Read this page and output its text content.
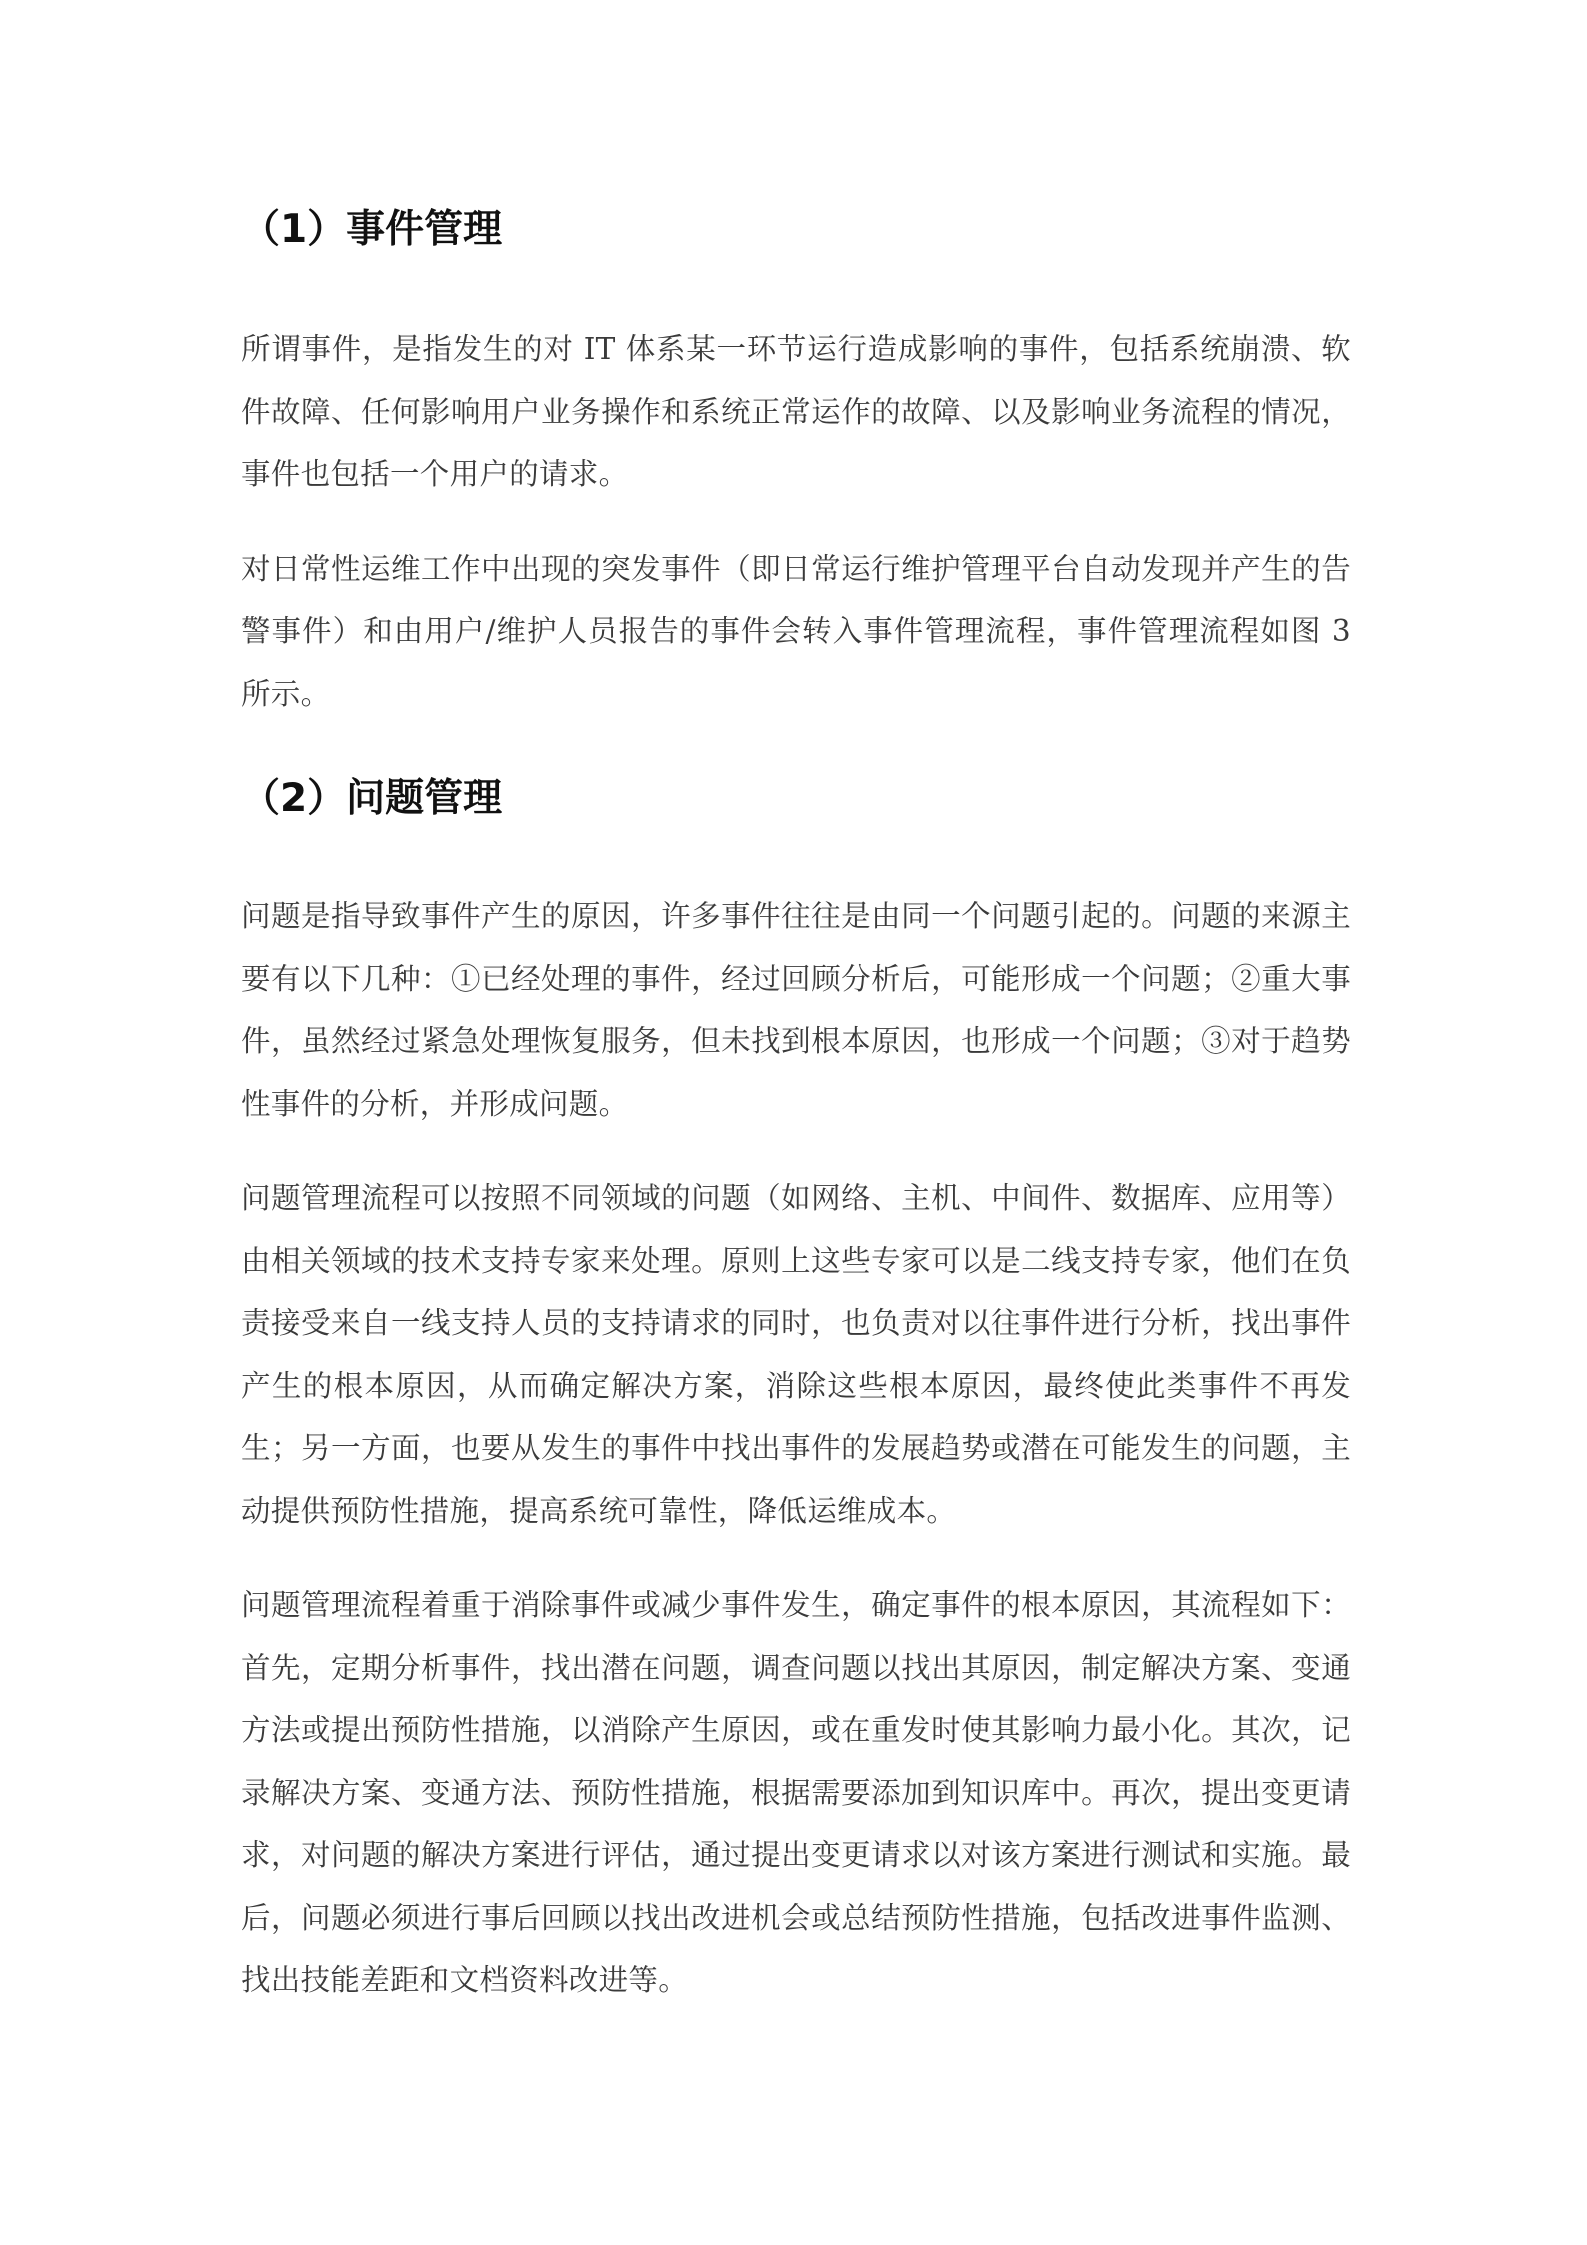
（1）事件管理

所谓事件，是指发生的对 IT 体系某一环节运行造成影响的事件，包括系统崩溃、软件故障、任何影响用户业务操作和系统正常运作的故障、以及影响业务流程的情况，事件也包括一个用户的请求。

对日常性运维工作中出现的突发事件（即日常运行维护管理平台自动发现并产生的告警事件）和由用户/维护人员报告的事件会转入事件管理流程，事件管理流程如图 3 所示。

（2）问题管理

问题是指导致事件产生的原因，许多事件往往是由同一个问题引起的。问题的来源主要有以下几种：①已经处理的事件，经过回顾分析后，可能形成一个问题；②重大事件，虽然经过紧急处理恢复服务，但未找到根本原因，也形成一个问题；③对于趋势性事件的分析，并形成问题。

问题管理流程可以按照不同领域的问题（如网络、主机、中间件、数据库、应用等）由相关领域的技术支持专家来处理。原则上这些专家可以是二线支持专家，他们在负责接受来自一线支持人员的支持请求的同时，也负责对以往事件进行分析，找出事件产生的根本原因，从而确定解决方案，消除这些根本原因，最终使此类事件不再发生；另一方面，也要从发生的事件中找出事件的发展趋势或潜在可能发生的问题，主动提供预防性措施，提高系统可靠性，降低运维成本。

问题管理流程着重于消除事件或减少事件发生，确定事件的根本原因，其流程如下：首先，定期分析事件，找出潜在问题，调查问题以找出其原因，制定解决方案、变通方法或提出预防性措施，以消除产生原因，或在重发时使其影响力最小化。其次，记录解决方案、变通方法、预防性措施，根据需要添加到知识库中。再次，提出变更请求，对问题的解决方案进行评估，通过提出变更请求以对该方案进行测试和实施。最后，问题必须进行事后回顾以找出改进机会或总结预防性措施，包括改进事件监测、找出技能差距和文档资料改进等。
